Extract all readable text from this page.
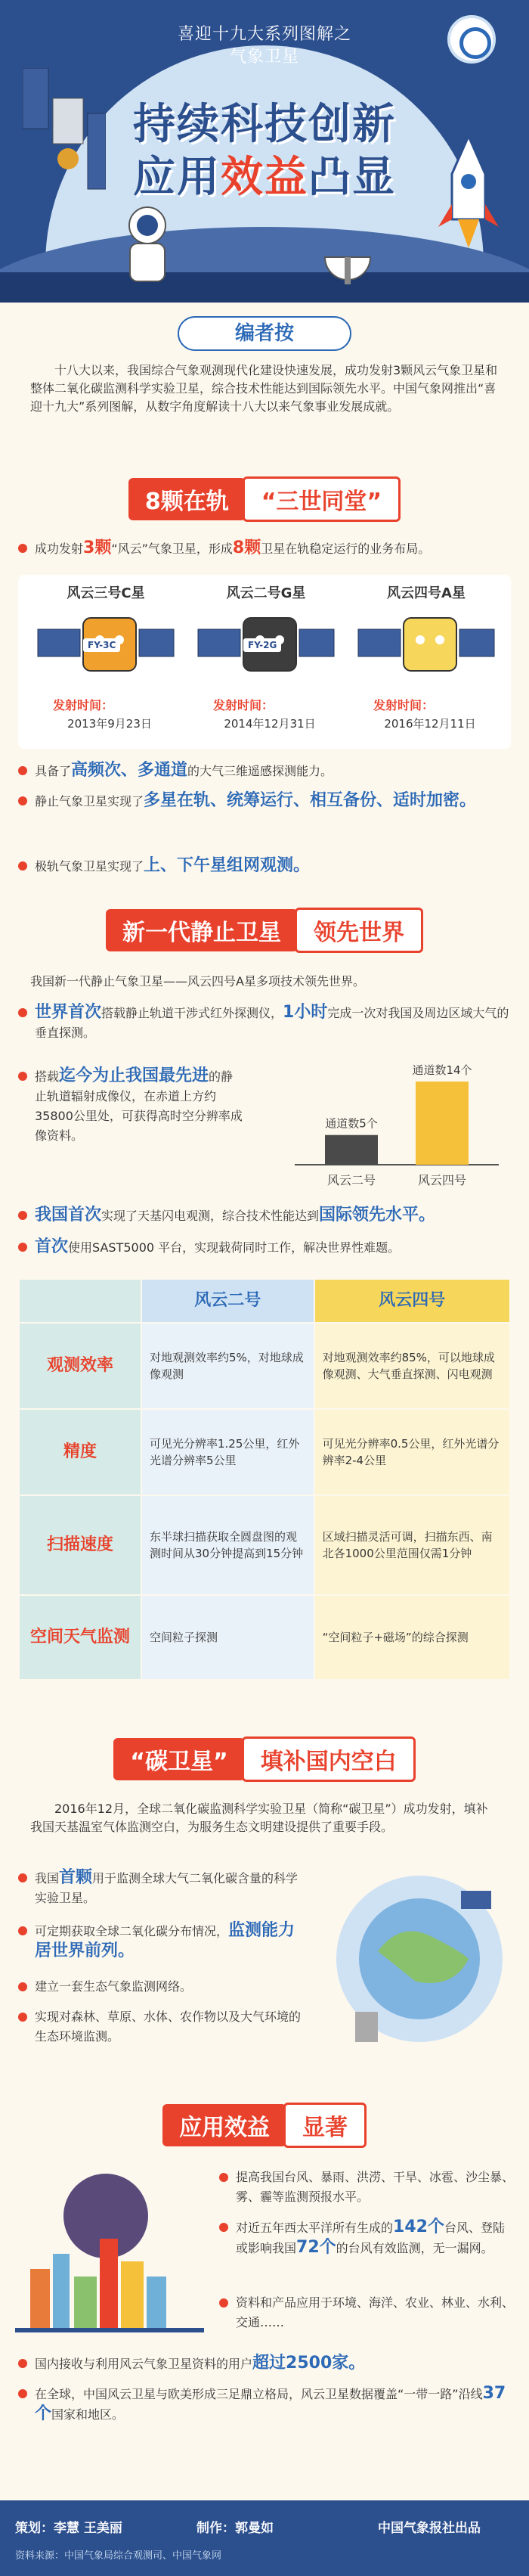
喜迎十九大系列图解之
气象卫星
持续科技创新
应用效益凸显
编者按
十八大以来，我国综合气象观测现代化建设快速发展，成功发射3颗风云气象卫星和整体二氧化碳监测科学实验卫星，综合技术性能达到国际领先水平。中国气象网推出“喜迎十九大”系列图解，从数字角度解读十八大以来气象事业发展成就。
8颗在轨	“三世同堂”
成功发射3颗“风云”气象卫星，形成8颗卫星在轨稳定运行的业务布局。
风云三号C星
FY-3C
发射时间：
2013年9月23日
风云二号G星
FY-2G
发射时间：
2014年12月31日
风云四号A星
发射时间：
2016年12月11日
具备了高频次、多通道的大气三维遥感探测能力。
静止气象卫星实现了多星在轨、统筹运行、相互备份、适时加密。
极轨气象卫星实现了上、下午星组网观测。
新一代静止卫星	领先世界
我国新一代静止气象卫星——风云四号A星多项技术领先世界。
世界首次搭载静止轨道干涉式红外探测仪，1小时完成一次对我国及周边区域大气的垂直探测。
搭载迄今为止我国最先进的静止轨道辐射成像仪，在赤道上方约35800公里处，可获得高时空分辨率成像资料。
通道数5个
风云二号
通道数14个
风云四号
我国首次实现了天基闪电观测，综合技术性能达到国际领先水平。
首次使用SAST5000 平台，实现载荷同时工作，解决世界性难题。
	风云二号	风云四号
观测效率	对地观测效率约5%，对地球成像观测	对地观测效率约85%，可以地球成像观测、大气垂直探测、闪电观测
精度	可见光分辨率1.25公里，红外光谱分辨率5公里	可见光分辨率0.5公里，红外光谱分辨率2-4公里
扫描速度	东半球扫描获取全圆盘图的观测时间从30分钟提高到15分钟	区域扫描灵活可调，扫描东西、南北各1000公里范围仅需1分钟
空间天气监测	空间粒子探测	“空间粒子+磁场”的综合探测
“碳卫星”	填补国内空白
2016年12月，全球二氧化碳监测科学实验卫星（简称“碳卫星”）成功发射，填补我国天基温室气体监测空白，为服务生态文明建设提供了重要手段。
我国首颗用于监测全球大气二氧化碳含量的科学实验卫星。
可定期获取全球二氧化碳分布情况，监测能力居世界前列。
建立一套生态气象监测网络。
实现对森林、草原、水体、农作物以及大气环境的生态环境监测。
应用效益	显著
提高我国台风、暴雨、洪涝、干旱、冰雹、沙尘暴、雾、霾等监测预报水平。
对近五年西太平洋所有生成的142个台风、登陆或影响我国72个的台风有效监测，无一漏网。
资料和产品应用于环境、海洋、农业、林业、水利、交通……
国内接收与利用风云气象卫星资料的用户超过2500家。
在全球，中国风云卫星与欧美形成三足鼎立格局，风云卫星数据覆盖“一带一路”沿线37个国家和地区。
策划：李慧 王美丽	制作：郭曼如	中国气象报社出品
资料来源：中国气象局综合观测司、中国气象网
